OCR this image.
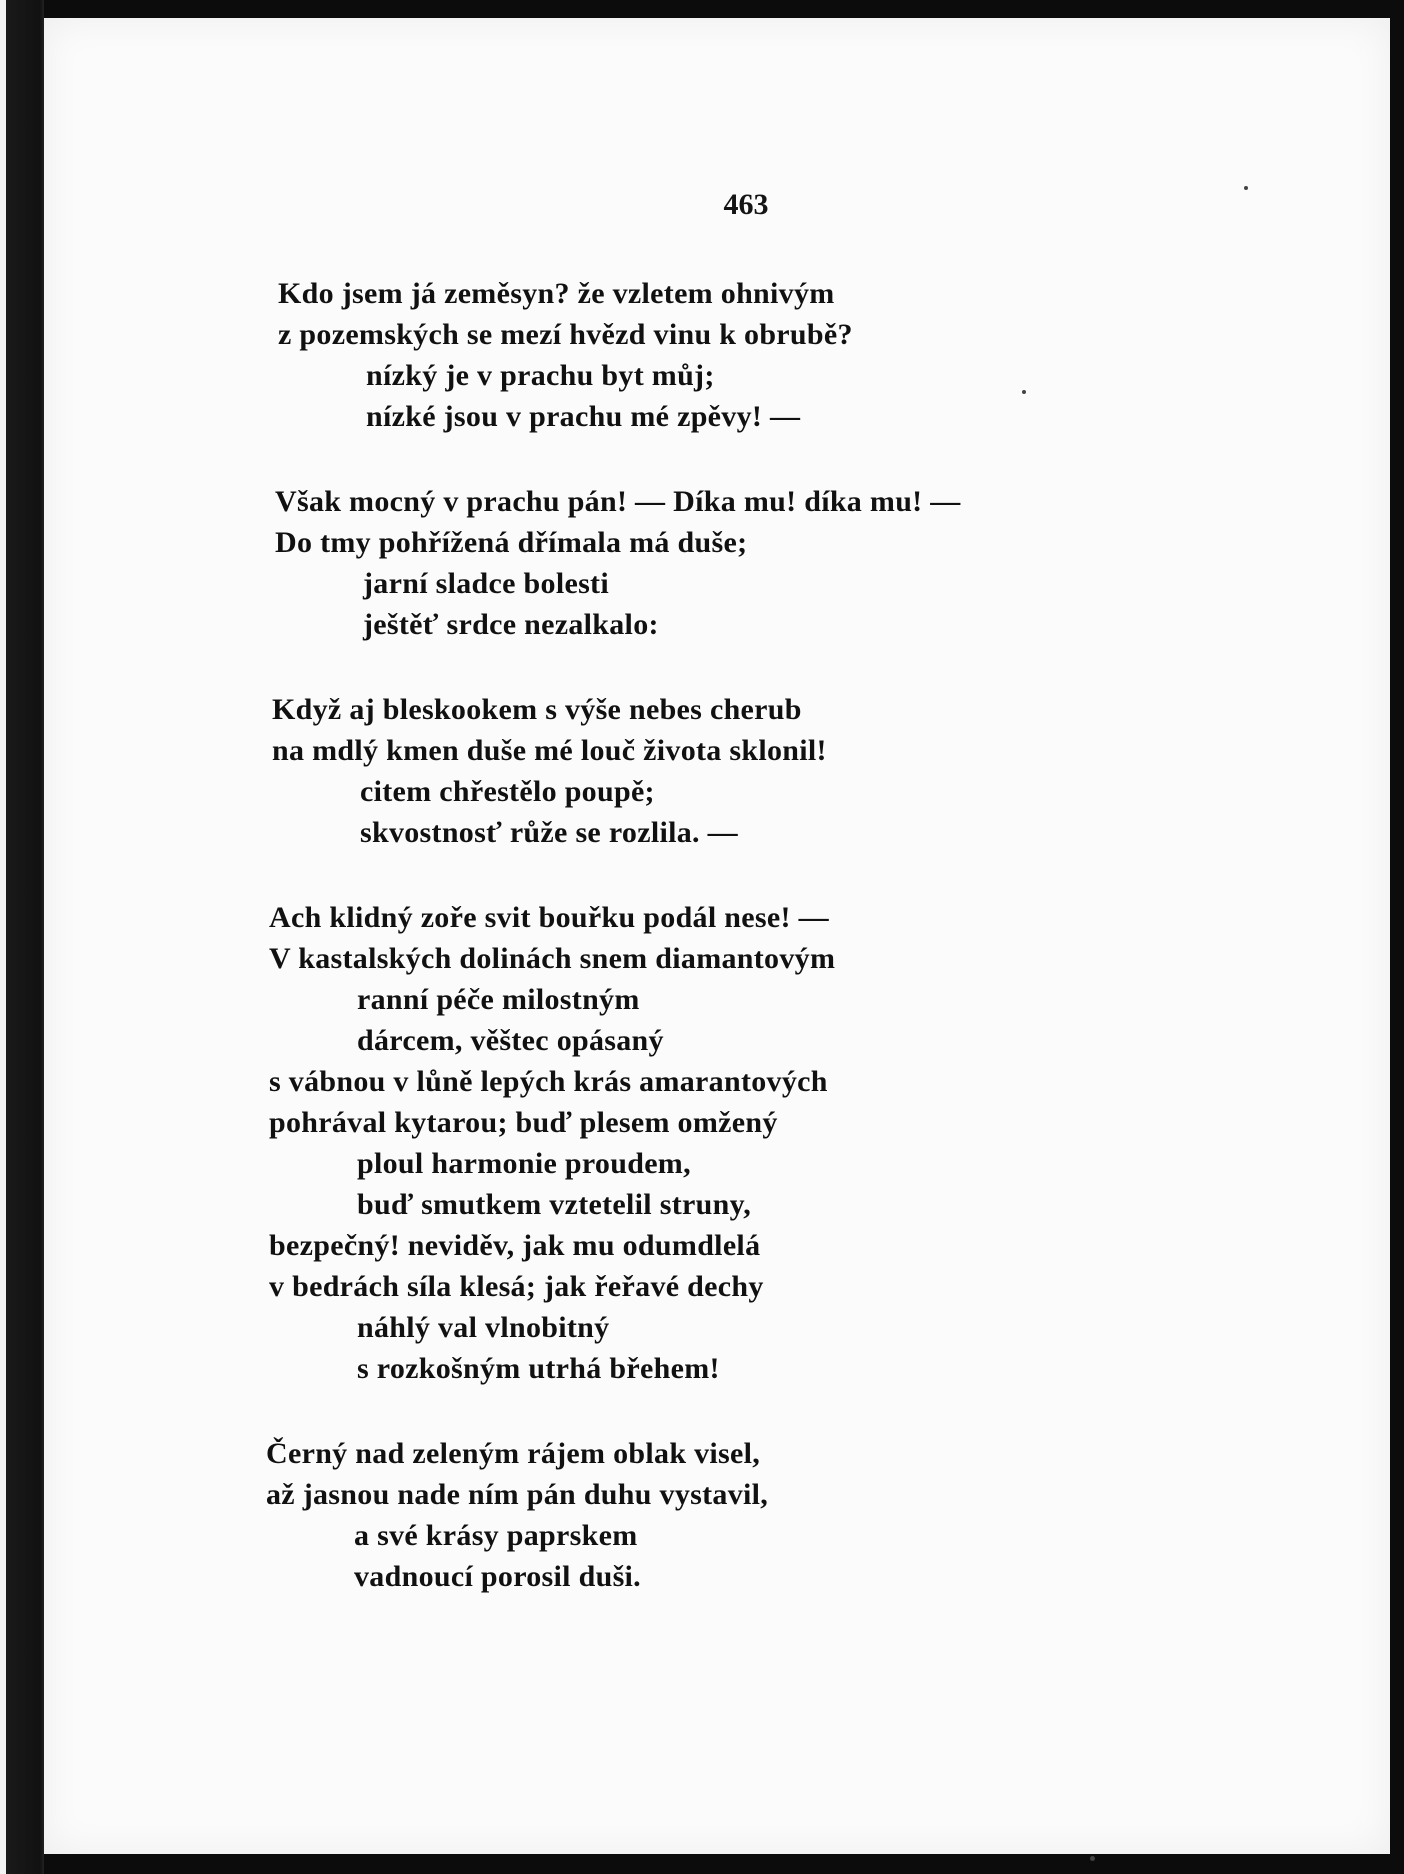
463
Kdo jsem já zeměsyn? že vzletem ohnivým
z pozemských se mezí hvězd vinu k obrubě?
nízký je v prachu byt můj;
nízké jsou v prachu mé zpěvy! —
Však mocný v prachu pán! — Díka mu! díka mu! —
Do tmy pohřížená dřímala má duše;
jarní sladce bolesti
ještěť srdce nezalkalo:
Když aj bleskookem s výše nebes cherub
na mdlý kmen duše mé louč života sklonil!
citem chřestělo poupě;
skvostnosť růže se rozlila. —
Ach klidný zoře svit bouřku podál nese! —
V kastalských dolinách snem diamantovým
ranní péče milostným
dárcem, věštec opásaný
s vábnou v lůně lepých krás amarantových
pohrával kytarou; buď plesem omžený
ploul harmonie proudem,
buď smutkem vztetelil struny,
bezpečný! neviděv, jak mu odumdlelá
v bedrách síla klesá; jak řeřavé dechy
náhlý val vlnobitný
s rozkošným utrhá břehem!
Černý nad zeleným rájem oblak visel,
až jasnou nade ním pán duhu vystavil,
a své krásy paprskem
vadnoucí porosil duši.
